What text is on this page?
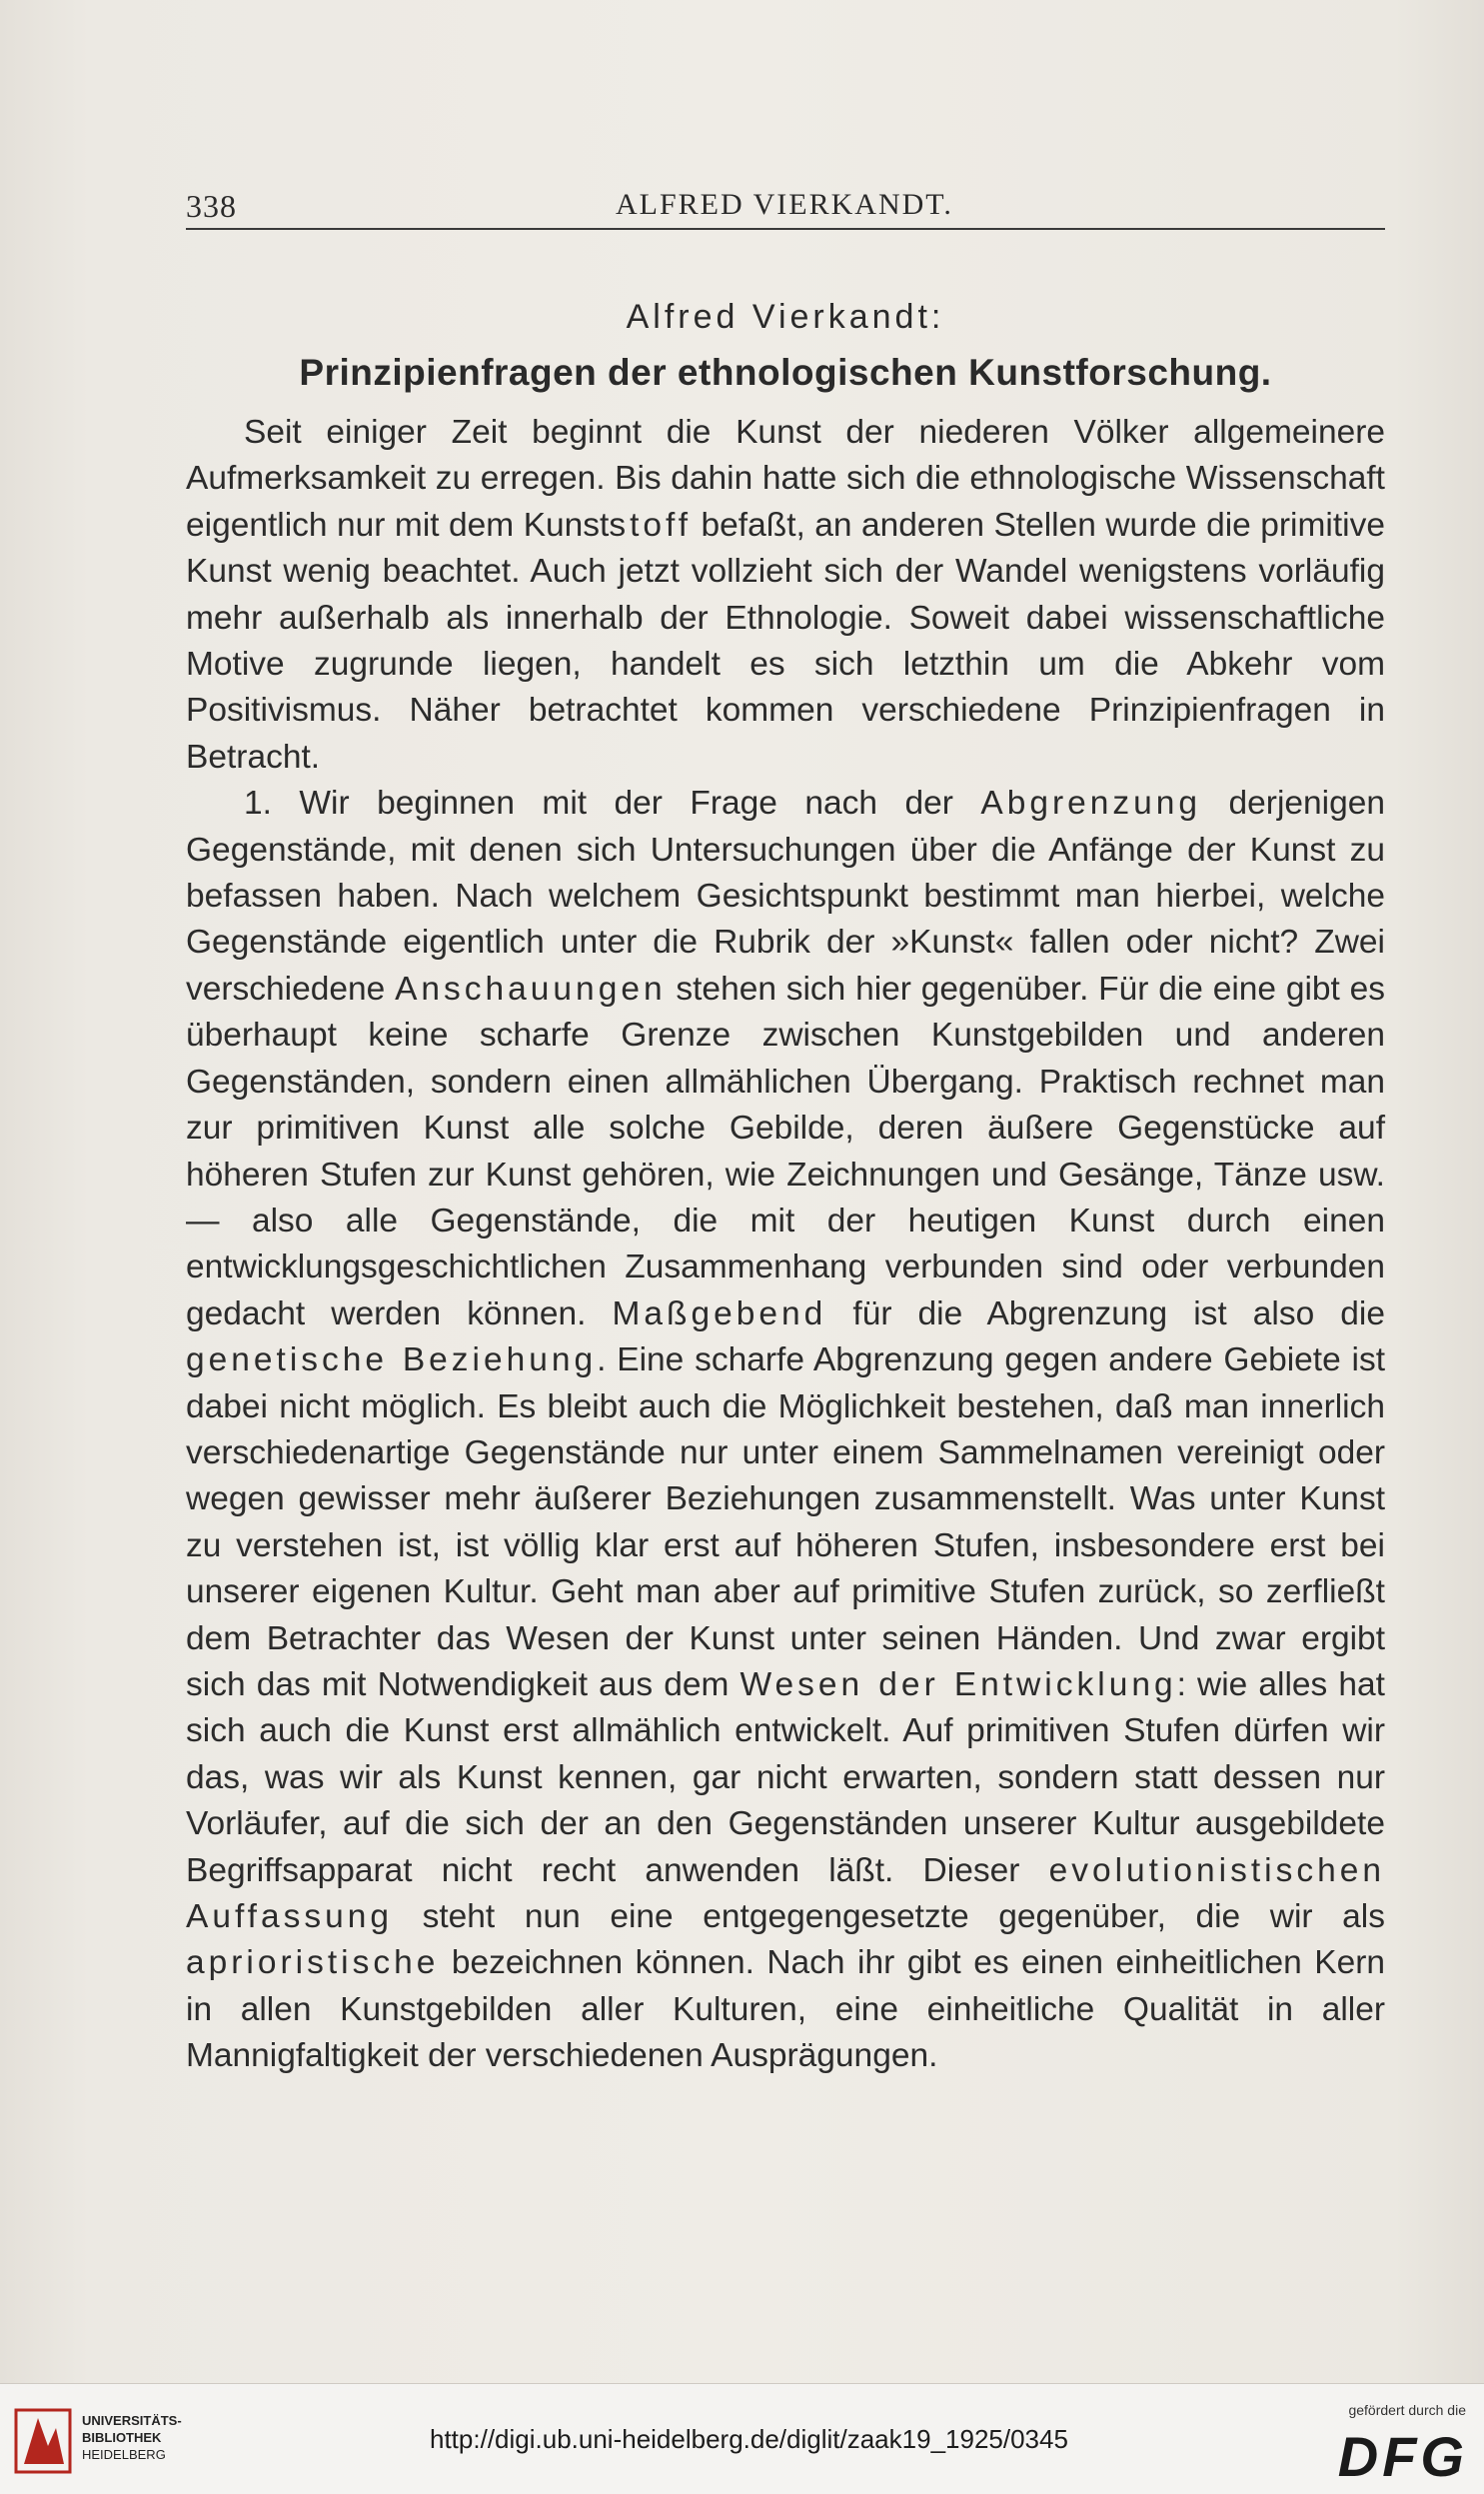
338	ALFRED VIERKANDT.
Alfred Vierkandt:
Prinzipienfragen der ethnologischen Kunstforschung.

Seit einiger Zeit beginnt die Kunst der niederen Völker allgemeinere Aufmerksamkeit zu erregen. Bis dahin hatte sich die ethnologische Wissenschaft eigentlich nur mit dem Kunststoff befaßt, an anderen Stellen wurde die primitive Kunst wenig beachtet. Auch jetzt vollzieht sich der Wandel wenigstens vorläufig mehr außerhalb als innerhalb der Ethnologie. Soweit dabei wissenschaftliche Motive zugrunde liegen, handelt es sich letzthin um die Abkehr vom Positivismus. Näher betrachtet kommen verschiedene Prinzipienfragen in Betracht.

1. Wir beginnen mit der Frage nach der Abgrenzung derjenigen Gegenstände, mit denen sich Untersuchungen über die Anfänge der Kunst zu befassen haben. Nach welchem Gesichtspunkt bestimmt man hierbei, welche Gegenstände eigentlich unter die Rubrik der »Kunst« fallen oder nicht? Zwei verschiedene Anschauungen stehen sich hier gegenüber. Für die eine gibt es überhaupt keine scharfe Grenze zwischen Kunstgebilden und anderen Gegenständen, sondern einen allmählichen Übergang. Praktisch rechnet man zur primitiven Kunst alle solche Gebilde, deren äußere Gegenstücke auf höheren Stufen zur Kunst gehören, wie Zeichnungen und Gesänge, Tänze usw. — also alle Gegenstände, die mit der heutigen Kunst durch einen entwicklungsgeschichtlichen Zusammenhang verbunden sind oder verbunden gedacht werden können. Maßgebend für die Abgrenzung ist also die genetische Beziehung. Eine scharfe Abgrenzung gegen andere Gebiete ist dabei nicht möglich. Es bleibt auch die Möglichkeit bestehen, daß man innerlich verschiedenartige Gegenstände nur unter einem Sammelnamen vereinigt oder wegen gewisser mehr äußerer Beziehungen zusammenstellt. Was unter Kunst zu verstehen ist, ist völlig klar erst auf höheren Stufen, insbesondere erst bei unserer eigenen Kultur. Geht man aber auf primitive Stufen zurück, so zerfließt dem Betrachter das Wesen der Kunst unter seinen Händen. Und zwar ergibt sich das mit Notwendigkeit aus dem Wesen der Entwicklung: wie alles hat sich auch die Kunst erst allmählich entwickelt. Auf primitiven Stufen dürfen wir das, was wir als Kunst kennen, gar nicht erwarten, sondern statt dessen nur Vorläufer, auf die sich der an den Gegenständen unserer Kultur ausgebildete Begriffsapparat nicht recht anwenden läßt. Dieser evolutionistischen Auffassung steht nun eine entgegengesetzte gegenüber, die wir als aprioristische bezeichnen können. Nach ihr gibt es einen einheitlichen Kern in allen Kunstgebilden aller Kulturen, eine einheitliche Qualität in aller Mannigfaltigkeit der verschiedenen Ausprägungen.

UNIVERSITÄTS-
BIBLIOTHEK
HEIDELBERG
http://digi.ub.uni-heidelberg.de/diglit/zaak19_1925/0345
gefördert durch die
DFG
